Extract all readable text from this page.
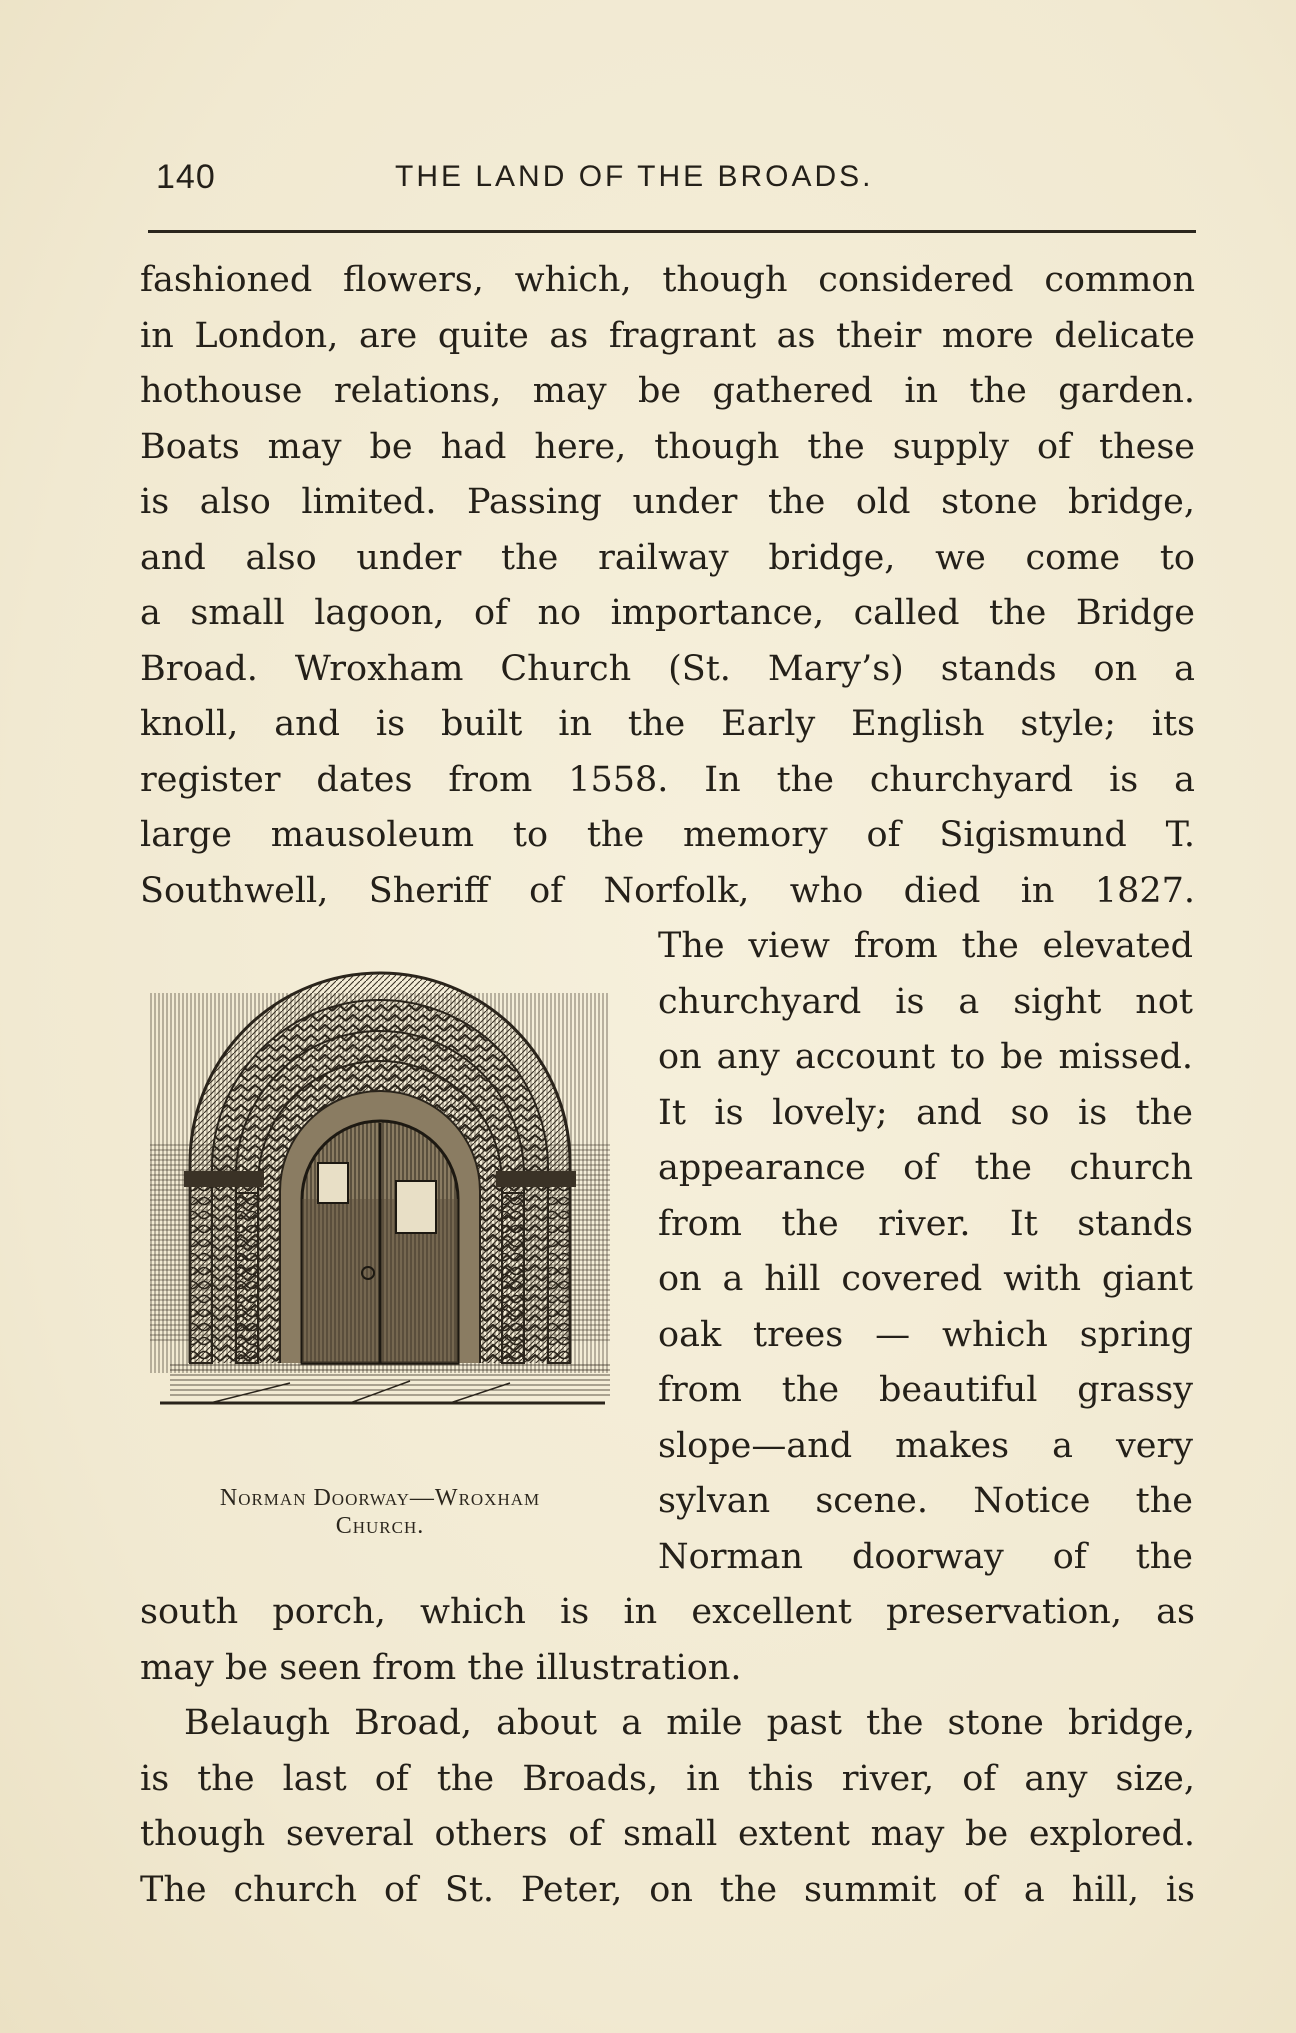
140	THE LAND OF THE BROADS.
fashioned flowers, which, though considered common
in London, are quite as fragrant as their more delicate
hothouse relations, may be gathered in the garden.
Boats may be had here, though the supply of these
is also limited. Passing under the old stone bridge,
and also under the railway bridge, we come to
a small lagoon, of no importance, called the Bridge
Broad. Wroxham Church (St. Mary’s) stands on a
knoll, and is built in the Early English style; its
register dates from 1558. In the churchyard is a
large mausoleum to the memory of Sigismund T.
Southwell, Sheriff of Norfolk, who died in 1827.
Norman Doorway—Wroxham
Church.
The view from the elevated
churchyard is a sight not
on any account to be missed.
It is lovely; and so is the
appearance of the church
from the river. It stands
on a hill covered with giant
oak trees — which spring
from the beautiful grassy
slope—and makes a very
sylvan scene. Notice the
Norman doorway of the
south porch, which is in excellent preservation, as
may be seen from the illustration.
Belaugh Broad, about a mile past the stone bridge,
is the last of the Broads, in this river, of any size,
though several others of small extent may be explored.
The church of St. Peter, on the summit of a hill, is
